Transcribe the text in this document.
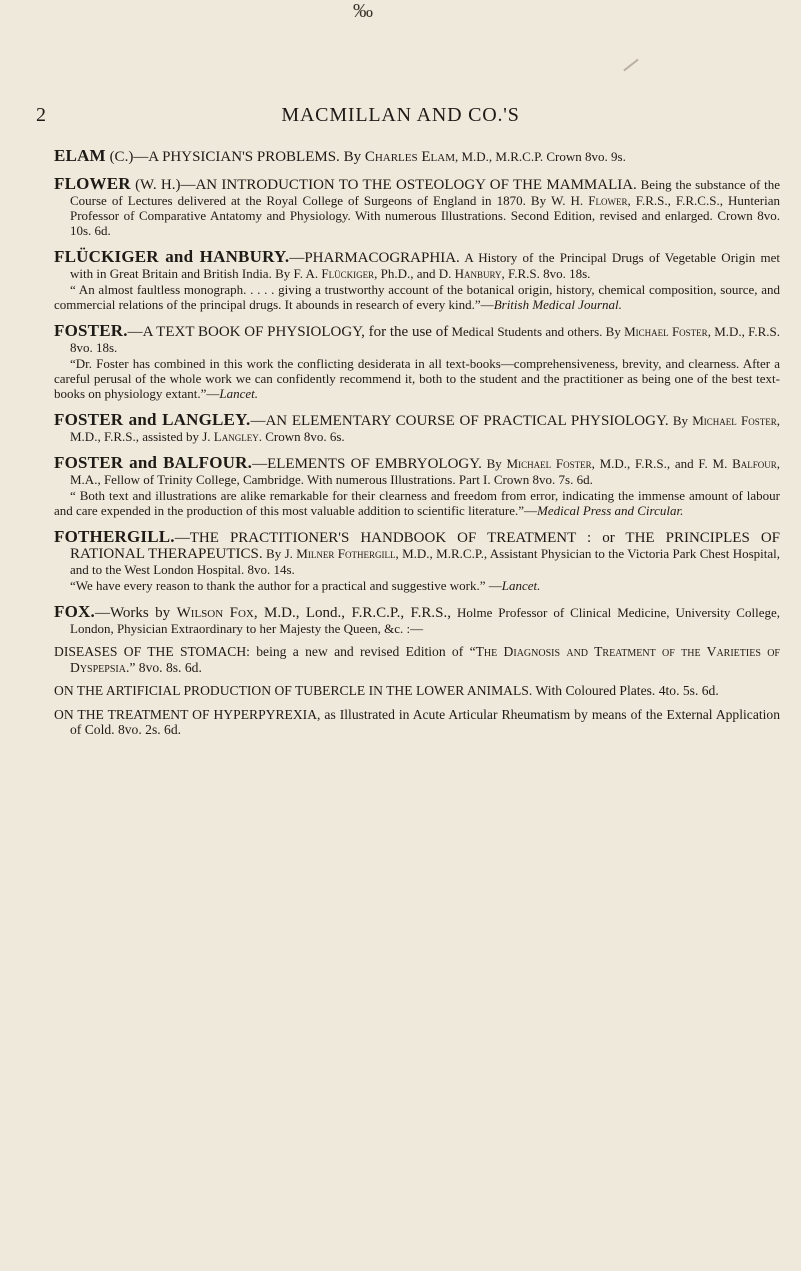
‰
2	MACMILLAN AND CO.'S

ELAM (C.)—A PHYSICIAN'S PROBLEMS. By Charles Elam, M.D., M.R.C.P. Crown 8vo. 9s.

FLOWER (W. H.)—AN INTRODUCTION TO THE OSTEOLOGY OF THE MAMMALIA. Being the substance of the Course of Lectures delivered at the Royal College of Surgeons of England in 1870. By W. H. Flower, F.R.S., F.R.C.S., Hunterian Professor of Comparative Antatomy and Physiology. With numerous Illustrations. Second Edition, revised and enlarged. Crown 8vo. 10s. 6d.

FLÜCKIGER and HANBURY.—PHARMACOGRAPHIA. A History of the Principal Drugs of Vegetable Origin met with in Great Britain and British India. By F. A. Flückiger, Ph.D., and D. Hanbury, F.R.S. 8vo. 18s.

“ An almost faultless monograph. . . . . giving a trustworthy account of the botanical origin, history, chemical composition, source, and commercial relations of the principal drugs. It abounds in research of every kind.”—British Medical Journal.

FOSTER.—A TEXT BOOK OF PHYSIOLOGY, for the use of Medical Students and others. By Michael Foster, M.D., F.R.S. 8vo. 18s.

“Dr. Foster has combined in this work the conflicting desiderata in all text-books—comprehensiveness, brevity, and clearness. After a careful perusal of the whole work we can confidently recommend it, both to the student and the practitioner as being one of the best text-books on physiology extant.”—Lancet.

FOSTER and LANGLEY.—AN ELEMENTARY COURSE OF PRACTICAL PHYSIOLOGY. By Michael Foster, M.D., F.R.S., assisted by J. Langley. Crown 8vo. 6s.

FOSTER and BALFOUR.—ELEMENTS OF EMBRYOLOGY. By Michael Foster, M.D., F.R.S., and F. M. Balfour, M.A., Fellow of Trinity College, Cambridge. With numerous Illustrations. Part I. Crown 8vo. 7s. 6d.

“ Both text and illustrations are alike remarkable for their clearness and freedom from error, indicating the immense amount of labour and care expended in the production of this most valuable addition to scientific literature.”—Medical Press and Circular.

FOTHERGILL.—THE PRACTITIONER'S HANDBOOK OF TREATMENT : or THE PRINCIPLES OF RATIONAL THERAPEUTICS. By J. Milner Fothergill, M.D., M.R.C.P., Assistant Physician to the Victoria Park Chest Hospital, and to the West London Hospital. 8vo. 14s.

“We have every reason to thank the author for a practical and suggestive work.” —Lancet.

FOX.—Works by Wilson Fox, M.D., Lond., F.R.C.P., F.R.S., Holme Professor of Clinical Medicine, University College, London, Physician Extraordinary to her Majesty the Queen, &c. :—

DISEASES OF THE STOMACH: being a new and revised Edition of “The Diagnosis and Treatment of the Varieties of Dyspepsia.” 8vo. 8s. 6d.

ON THE ARTIFICIAL PRODUCTION OF TUBERCLE IN THE LOWER ANIMALS. With Coloured Plates. 4to. 5s. 6d.

ON THE TREATMENT OF HYPERPYREXIA, as Illustrated in Acute Articular Rheumatism by means of the External Application of Cold. 8vo. 2s. 6d.
